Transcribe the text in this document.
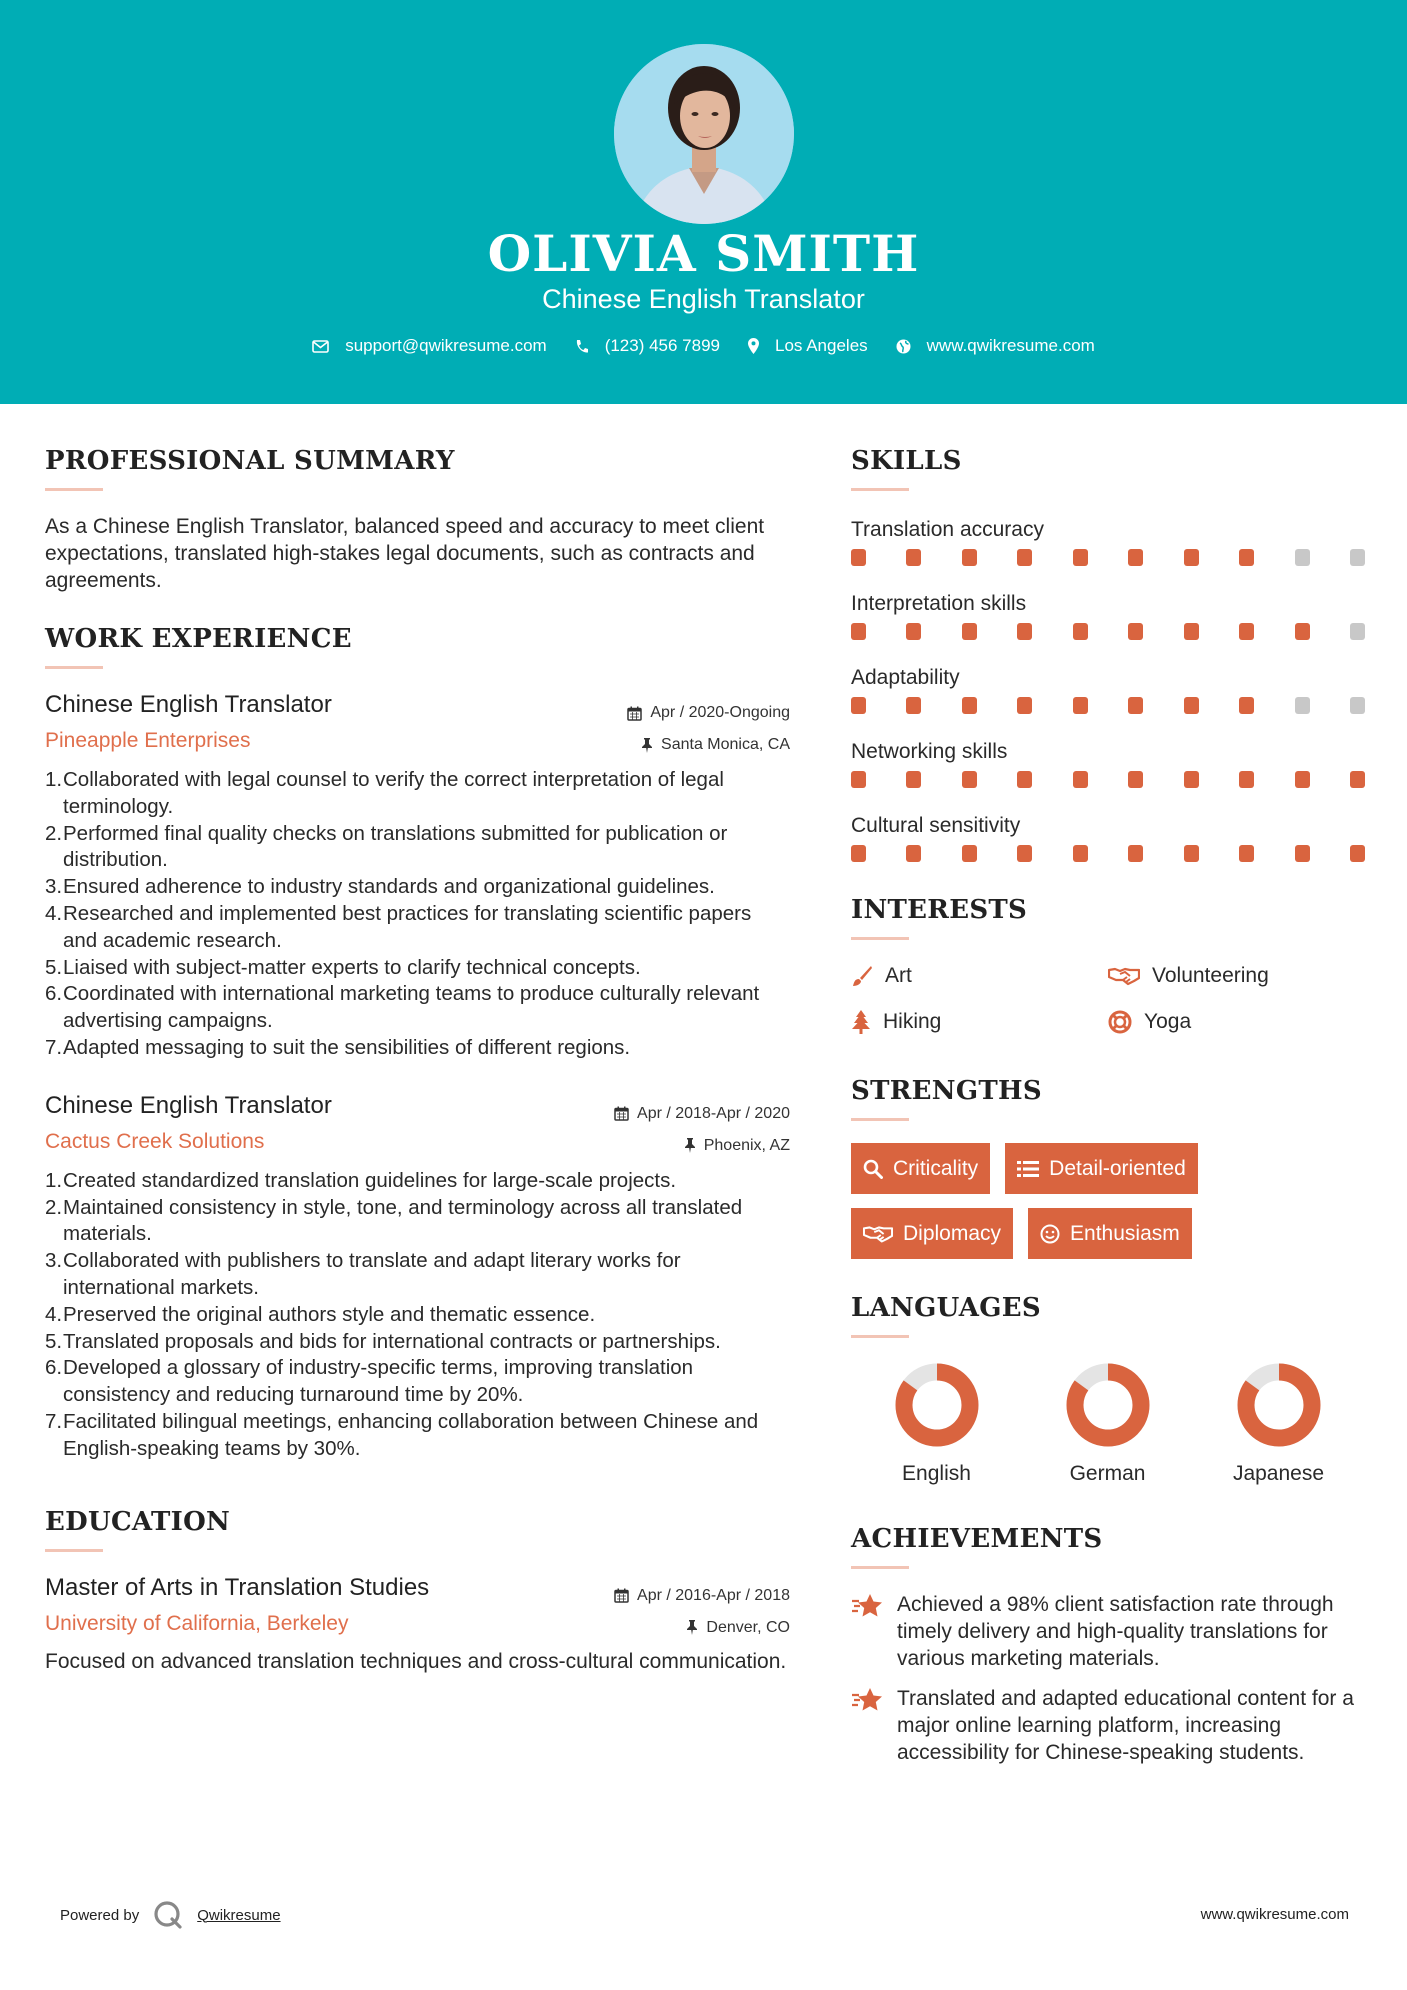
OLIVIA SMITH
Chinese English Translator
support@qwikresume.com	(123) 456 7899	Los Angeles	www.qwikresume.com
PROFESSIONAL SUMMARY
As a Chinese English Translator, balanced speed and accuracy to meet client expectations, translated high-stakes legal documents, such as contracts and agreements.
WORK EXPERIENCE
Chinese English Translator
Pineapple Enterprises
Apr / 2020-Ongoing
Santa Monica, CA
1. Collaborated with legal counsel to verify the correct interpretation of legal terminology.
2. Performed final quality checks on translations submitted for publication or distribution.
3. Ensured adherence to industry standards and organizational guidelines.
4. Researched and implemented best practices for translating scientific papers and academic research.
5. Liaised with subject-matter experts to clarify technical concepts.
6. Coordinated with international marketing teams to produce culturally relevant advertising campaigns.
7. Adapted messaging to suit the sensibilities of different regions.
Chinese English Translator
Cactus Creek Solutions
Apr / 2018-Apr / 2020
Phoenix, AZ
1. Created standardized translation guidelines for large-scale projects.
2. Maintained consistency in style, tone, and terminology across all translated materials.
3. Collaborated with publishers to translate and adapt literary works for international markets.
4. Preserved the original authors style and thematic essence.
5. Translated proposals and bids for international contracts or partnerships.
6. Developed a glossary of industry-specific terms, improving translation consistency and reducing turnaround time by 20%.
7. Facilitated bilingual meetings, enhancing collaboration between Chinese and English-speaking teams by 30%.
EDUCATION
Master of Arts in Translation Studies
University of California, Berkeley
Apr / 2016-Apr / 2018
Denver, CO
Focused on advanced translation techniques and cross-cultural communication.
SKILLS
Translation accuracy
Interpretation skills
Adaptability
Networking skills
Cultural sensitivity
INTERESTS
Art	Volunteering
Hiking	Yoga
STRENGTHS
Criticality	Detail-oriented
Diplomacy	Enthusiasm
LANGUAGES
English	German	Japanese
ACHIEVEMENTS
Achieved a 98% client satisfaction rate through timely delivery and high-quality translations for various marketing materials.
Translated and adapted educational content for a major online learning platform, increasing accessibility for Chinese-speaking students.
Powered by	Qwikresume	www.qwikresume.com
